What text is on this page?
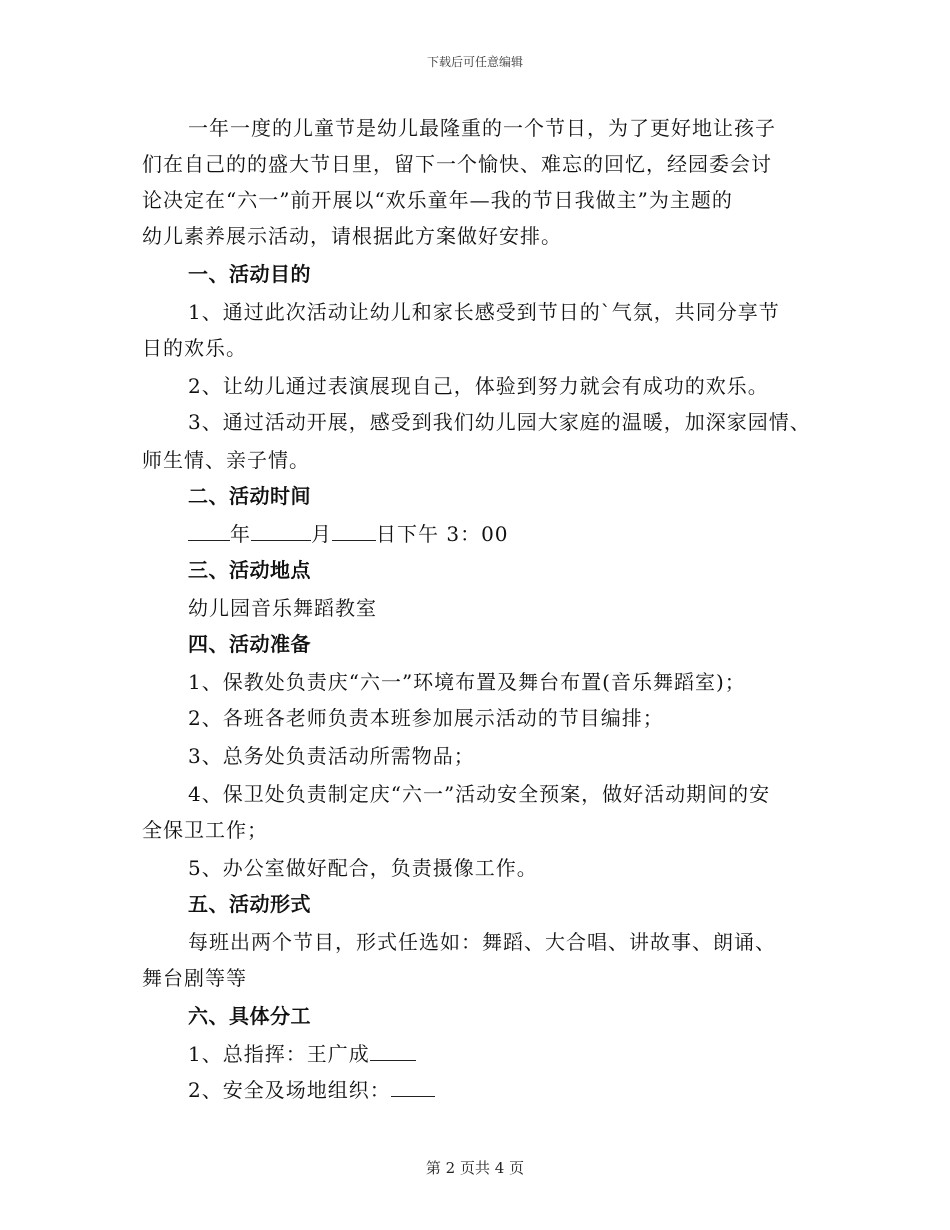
下载后可任意编辑
一年一度的儿童节是幼儿最隆重的一个节日，为了更好地让孩子
们在自己的的盛大节日里，留下一个愉快、难忘的回忆，经园委会讨
论决定在“六一”前开展以“欢乐童年—我的节日我做主”为主题的
幼儿素养展示活动，请根据此方案做好安排。
一、活动目的
1、通过此次活动让幼儿和家长感受到节日的`气氛，共同分享节
日的欢乐。
2、让幼儿通过表演展现自己，体验到努力就会有成功的欢乐。
3、通过活动开展，感受到我们幼儿园大家庭的温暖，加深家园情、
师生情、亲子情。
二、活动时间
年	月 日下午 3：00
三、活动地点
幼儿园音乐舞蹈教室
四、活动准备
1、保教处负责庆“六一”环境布置及舞台布置(音乐舞蹈室)；
2、各班各老师负责本班参加展示活动的节目编排；
3、总务处负责活动所需物品；
4、保卫处负责制定庆“六一”活动安全预案，做好活动期间的安
全保卫工作；
5、办公室做好配合，负责摄像工作。
五、活动形式
每班出两个节目，形式任选如：舞蹈、大合唱、讲故事、朗诵、
舞台剧等等
六、具体分工
1、总指挥：王广成
2、安全及场地组织：
第 2 页共 4 页
